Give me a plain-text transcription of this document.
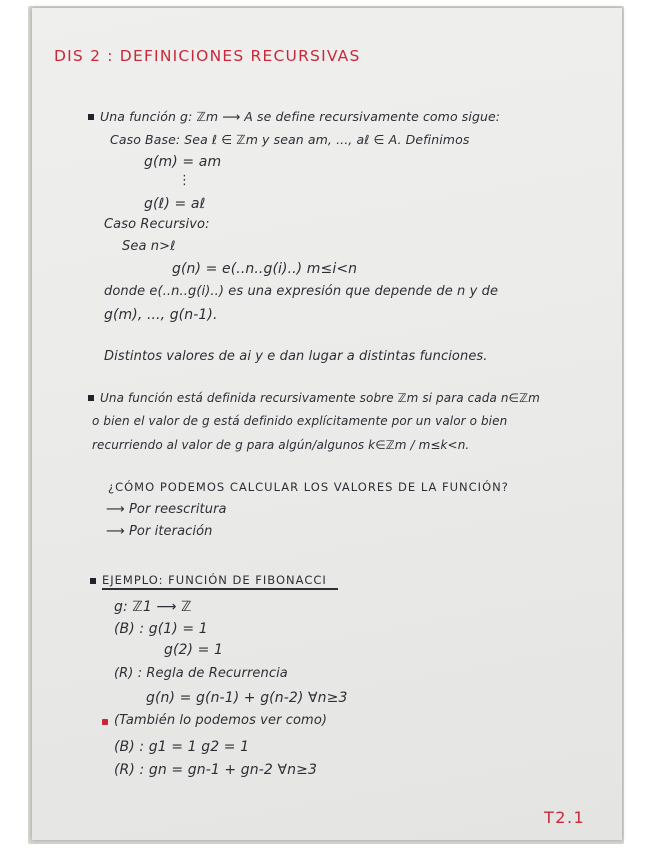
DIS 2 : DEFINICIONES RECURSIVAS
Una función g: ℤm ⟶ A se define recursivamente como sigue:
Caso Base: Sea ℓ ∈ ℤm y sean am, ..., aℓ ∈ A. Definimos
g(m) = am
⋮
g(ℓ) = aℓ
Caso Recursivo:
Sea n>ℓ
g(n) = e(..n..g(i)..) m≤i<n
donde e(..n..g(i)..) es una expresión que depende de n y de
g(m), ..., g(n-1).
Distintos valores de ai y e dan lugar a distintas funciones.
Una función está definida recursivamente sobre ℤm si para cada n∈ℤm
o bien el valor de g está definido explícitamente por un valor o bien
recurriendo al valor de g para algún/algunos k∈ℤm / m≤k<n.
¿CÓMO PODEMOS CALCULAR LOS VALORES DE LA FUNCIÓN?
⟶ Por reescritura
⟶ Por iteración
EJEMPLO: FUNCIÓN DE FIBONACCI
g: ℤ1 ⟶ ℤ
(B) : g(1) = 1
g(2) = 1
(R) : Regla de Recurrencia
g(n) = g(n-1) + g(n-2) ∀n≥3
(También lo podemos ver como)
(B) : g1 = 1 g2 = 1
(R) : gn = gn-1 + gn-2 ∀n≥3
T2.1
